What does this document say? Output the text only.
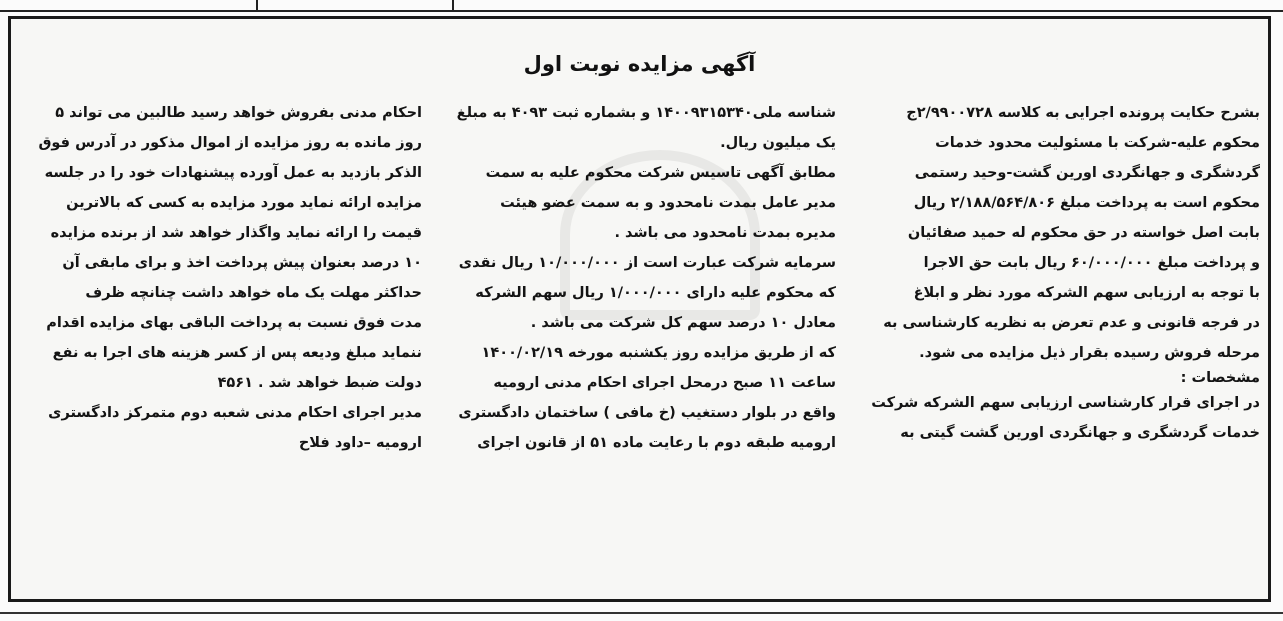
آگهی مزایده نوبت اول

بشرح حکایت پرونده اجرایی به کلاسه ۲/۹۹۰۰۷۲۸ج

محکوم علیه-شرکت با مسئولیت محدود خدمات

گردشگری و جهانگردی اورین گشت-وحید رستمی

محکوم است به پرداخت مبلغ ۲/۱۸۸/۵۶۴/۸۰۶ ریال

بابت اصل خواسته در حق محکوم له حمید صفائیان

و پرداخت مبلغ ۶۰/۰۰۰/۰۰۰ ریال بابت حق الاجرا

با توجه به ارزیابی سهم الشرکه مورد نظر و ابلاغ

در فرجه قانونی و عدم تعرض به نظریه کارشناسی به

مرحله فروش رسیده بقرار ذیل مزایده می شود.

مشخصات :

در اجرای قرار کارشناسی ارزیابی سهم الشرکه شرکت

خدمات گردشگری و جهانگردی اورین گشت گیتی به

شناسه ملی۱۴۰۰۹۳۱۵۳۴۰ و بشماره ثبت ۴۰۹۳ به مبلغ

یک میلیون ریال.

مطابق آگهی تاسیس شرکت محکوم علیه به سمت

مدیر عامل بمدت نامحدود و به سمت عضو هیئت

مدیره بمدت نامحدود می باشد .

سرمایه شرکت عبارت است از ۱۰/۰۰۰/۰۰۰ ریال نقدی

که محکوم علیه دارای ۱/۰۰۰/۰۰۰ ریال سهم الشرکه

معادل ۱۰ درصد سهم کل شرکت می باشد .

که از طریق مزایده روز یکشنبه مورخه ۱۴۰۰/۰۲/۱۹

ساعت ۱۱ صبح درمحل اجرای احکام مدنی ارومیه

واقع در بلوار دستغیب (خ مافی ) ساختمان دادگستری

ارومیه طبقه دوم با رعایت ماده ۵۱ از قانون اجرای

احکام مدنی بفروش خواهد رسید طالبین می تواند ۵

روز مانده به روز مزایده از اموال مذکور در آدرس فوق

الذکر بازدید به عمل آورده پیشنهادات خود را در جلسه

مزایده ارائه نماید مورد مزایده به کسی که بالاترین

قیمت را ارائه نماید واگذار خواهد شد از برنده مزایده

۱۰ درصد بعنوان پیش پرداخت اخذ و برای مابقی آن

حداکثر مهلت یک ماه خواهد داشت چنانچه ظرف

مدت فوق نسبت به پرداخت الباقی بهای مزایده اقدام

ننماید مبلغ ودیعه پس از کسر هزینه های اجرا به نفع

دولت ضبط خواهد شد . ۴۵۶۱

مدیر اجرای احکام مدنی شعبه دوم متمرکز دادگستری

ارومیه –داود فلاح
